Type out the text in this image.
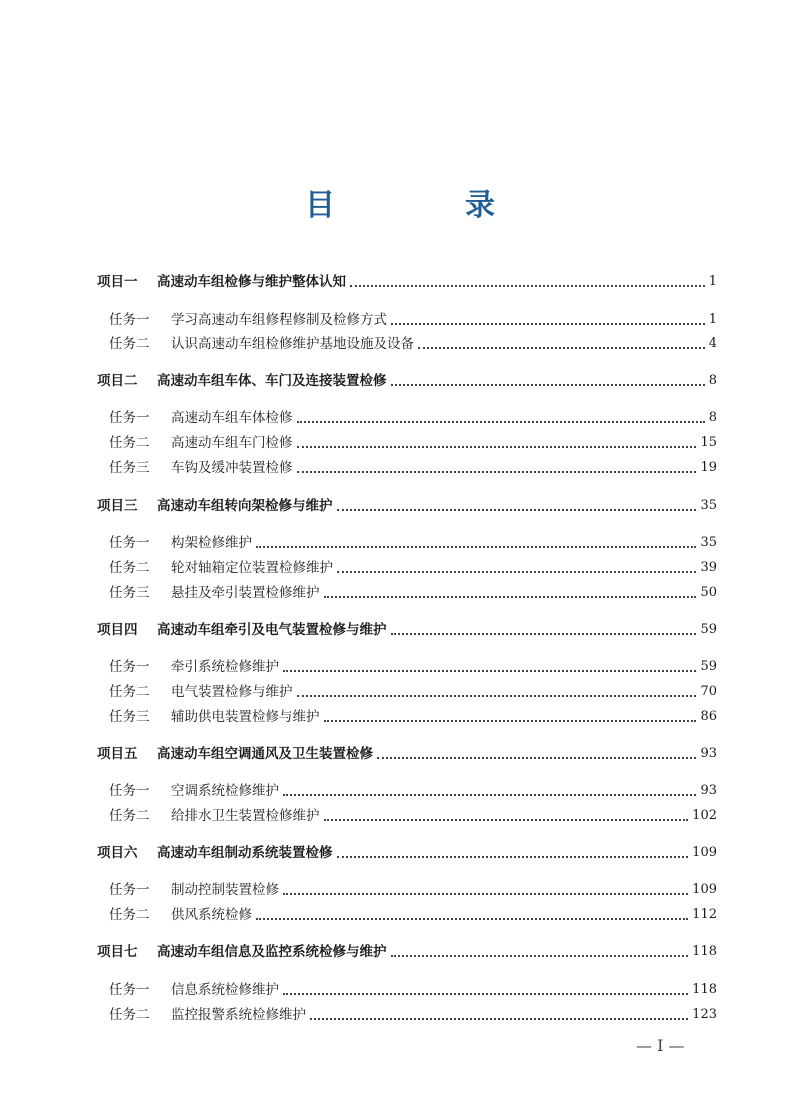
目　录
项目一	高速动车组检修与维护整体认知	1
任务一	学习高速动车组修程修制及检修方式	1
任务二	认识高速动车组检修维护基地设施及设备	4
项目二	高速动车组车体、车门及连接装置检修	8
任务一	高速动车组车体检修	8
任务二	高速动车组车门检修	15
任务三	车钩及缓冲装置检修	19
项目三	高速动车组转向架检修与维护	35
任务一	构架检修维护	35
任务二	轮对轴箱定位装置检修维护	39
任务三	悬挂及牵引装置检修维护	50
项目四	高速动车组牵引及电气装置检修与维护	59
任务一	牵引系统检修维护	59
任务二	电气装置检修与维护	70
任务三	辅助供电装置检修与维护	86
项目五	高速动车组空调通风及卫生装置检修	93
任务一	空调系统检修维护	93
任务二	给排水卫生装置检修维护	102
项目六	高速动车组制动系统装置检修	109
任务一	制动控制装置检修	109
任务二	供风系统检修	112
项目七	高速动车组信息及监控系统检修与维护	118
任务一	信息系统检修维护	118
任务二	监控报警系统检修维护	123
— I —
